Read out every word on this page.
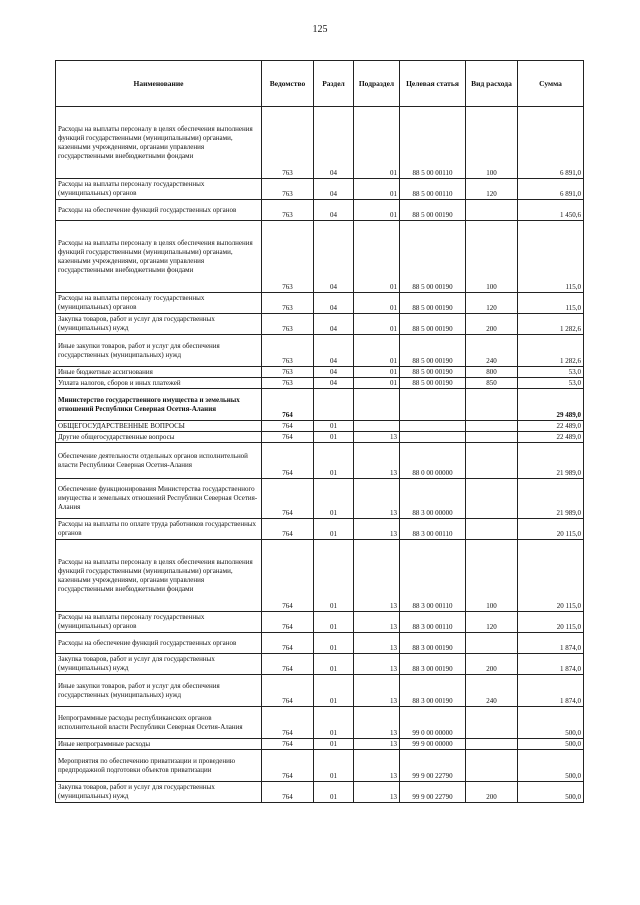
125
Наименование	Ведомство	Раздел	Подраздел	Целевая статья	Вид расхода	Сумма
Расходы на выплаты персоналу в целях обеспечения выполнения функций государственными (муниципальными) органами, казенными учреждениями, органами управления государственными внебюджетными фондами	763	04	01	88 5 00 00110	100	6 891,0
Расходы на выплаты персоналу государственных (муниципальных) органов	763	04	01	88 5 00 00110	120	6 891,0
Расходы на обеспечение функций государственных органов	763	04	01	88 5 00 00190		1 450,6
Расходы на выплаты персоналу в целях обеспечения выполнения функций государственными (муниципальными) органами, казенными учреждениями, органами управления государственными внебюджетными фондами	763	04	01	88 5 00 00190	100	115,0
Расходы на выплаты персоналу государственных (муниципальных) органов	763	04	01	88 5 00 00190	120	115,0
Закупка товаров, работ и услуг для государственных (муниципальных) нужд	763	04	01	88 5 00 00190	200	1 282,6
Иные закупки товаров, работ и услуг для обеспечения государственных (муниципальных) нужд	763	04	01	88 5 00 00190	240	1 282,6
Иные бюджетные ассигнования	763	04	01	88 5 00 00190	800	53,0
Уплата налогов, сборов и иных платежей	763	04	01	88 5 00 00190	850	53,0
Министерство государственного имущества и земельных отношений Республики Северная Осетия-Алания	764					29 489,0
ОБЩЕГОСУДАРСТВЕННЫЕ ВОПРОСЫ	764	01				22 489,0
Другие общегосударственные вопросы	764	01	13			22 489,0
Обеспечение деятельности отдельных органов исполнительной власти Республики Северная Осетия-Алания	764	01	13	88 0 00 00000		21 989,0
Обеспечение функционирования Министерства государственного имущества и земельных отношений Республики Северная Осетия-Алания	764	01	13	88 3 00 00000		21 989,0
Расходы на выплаты по оплате труда работников государственных органов	764	01	13	88 3 00 00110		20 115,0
Расходы на выплаты персоналу в целях обеспечения выполнения функций государственными (муниципальными) органами, казенными учреждениями, органами управления государственными внебюджетными фондами	764	01	13	88 3 00 00110	100	20 115,0
Расходы на выплаты персоналу государственных (муниципальных) органов	764	01	13	88 3 00 00110	120	20 115,0
Расходы на обеспечение функций государственных органов	764	01	13	88 3 00 00190		1 874,0
Закупка товаров, работ и услуг для государственных (муниципальных) нужд	764	01	13	88 3 00 00190	200	1 874,0
Иные закупки товаров, работ и услуг для обеспечения государственных (муниципальных) нужд	764	01	13	88 3 00 00190	240	1 874,0
Непрограммные расходы республиканских органов исполнительной власти Республики Северная Осетия-Алания	764	01	13	99 0 00 00000		500,0
Иные непрограммные расходы	764	01	13	99 9 00 00000		500,0
Мероприятия по обеспечению приватизации и проведению предпродажной подготовки объектов приватизации	764	01	13	99 9 00 22790		500,0
Закупка товаров, работ и услуг для государственных (муниципальных) нужд	764	01	13	99 9 00 22790	200	500,0
